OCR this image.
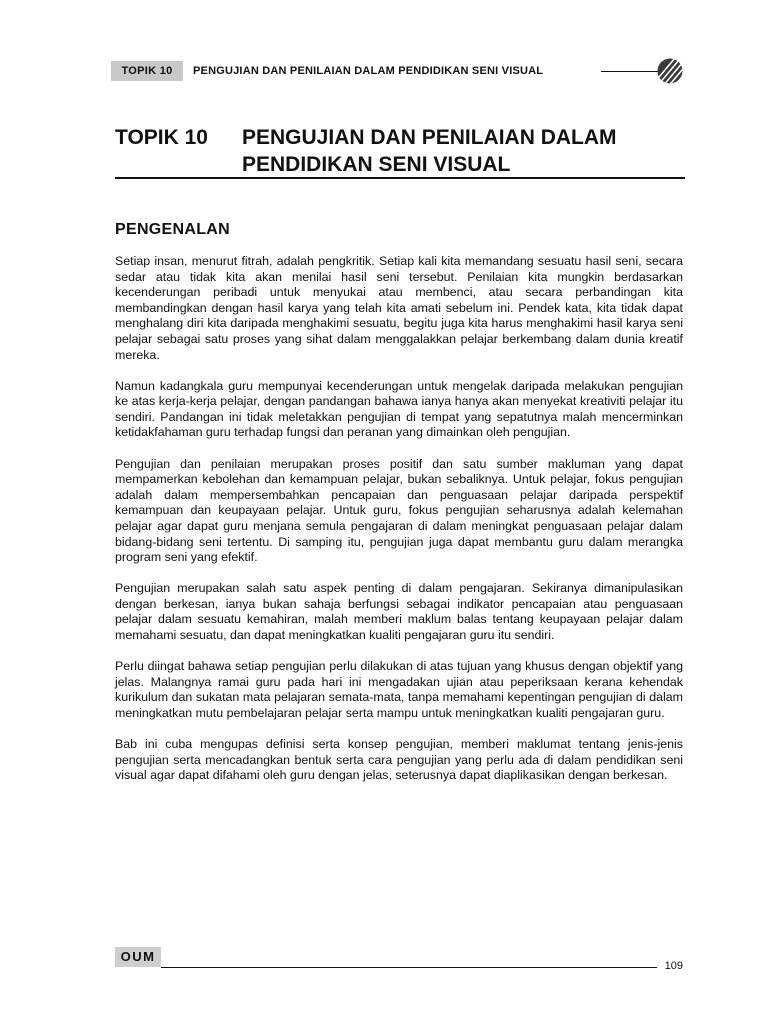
TOPIK 10	PENGUJIAN DAN PENILAIAN DALAM PENDIDIKAN SENI VISUAL
TOPIK 10 PENGUJIAN DAN PENILAIAN DALAM PENDIDIKAN SENI VISUAL
PENGENALAN

Setiap insan, menurut fitrah, adalah pengkritik. Setiap kali kita memandang sesuatu hasil seni, secara sedar atau tidak kita akan menilai hasil seni tersebut. Penilaian kita mungkin berdasarkan kecenderungan peribadi untuk menyukai atau membenci, atau secara perbandingan kita membandingkan dengan hasil karya yang telah kita amati sebelum ini. Pendek kata, kita tidak dapat menghalang diri kita daripada menghakimi sesuatu, begitu juga kita harus menghakimi hasil karya seni pelajar sebagai satu proses yang sihat dalam menggalakkan pelajar berkembang dalam dunia kreatif mereka.

Namun kadangkala guru mempunyai kecenderungan untuk mengelak daripada melakukan pengujian ke atas kerja-kerja pelajar, dengan pandangan bahawa ianya hanya akan menyekat kreativiti pelajar itu sendiri. Pandangan ini tidak meletakkan pengujian di tempat yang sepatutnya malah mencerminkan ketidakfahaman guru terhadap fungsi dan peranan yang dimainkan oleh pengujian.

Pengujian dan penilaian merupakan proses positif dan satu sumber makluman yang dapat mempamerkan kebolehan dan kemampuan pelajar, bukan sebaliknya. Untuk pelajar, fokus pengujian adalah dalam mempersembahkan pencapaian dan penguasaan pelajar daripada perspektif kemampuan dan keupayaan pelajar. Untuk guru, fokus pengujian seharusnya adalah kelemahan pelajar agar dapat guru menjana semula pengajaran di dalam meningkat penguasaan pelajar dalam bidang-bidang seni tertentu. Di samping itu, pengujian juga dapat membantu guru dalam merangka program seni yang efektif.

Pengujian merupakan salah satu aspek penting di dalam pengajaran. Sekiranya dimanipulasikan dengan berkesan, ianya bukan sahaja berfungsi sebagai indikator pencapaian atau penguasaan pelajar dalam sesuatu kemahiran, malah memberi maklum balas tentang keupayaan pelajar dalam memahami sesuatu, dan dapat meningkatkan kualiti pengajaran guru itu sendiri.

Perlu diingat bahawa setiap pengujian perlu dilakukan di atas tujuan yang khusus dengan objektif yang jelas. Malangnya ramai guru pada hari ini mengadakan ujian atau peperiksaan kerana kehendak kurikulum dan sukatan mata pelajaran semata-mata, tanpa memahami kepentingan pengujian di dalam meningkatkan mutu pembelajaran pelajar serta mampu untuk meningkatkan kualiti pengajaran guru.

Bab ini cuba mengupas definisi serta konsep pengujian, memberi maklumat tentang jenis-jenis pengujian serta mencadangkan bentuk serta cara pengujian yang perlu ada di dalam pendidikan seni visual agar dapat difahami oleh guru dengan jelas, seterusnya dapat diaplikasikan dengan berkesan.

OUM
109
